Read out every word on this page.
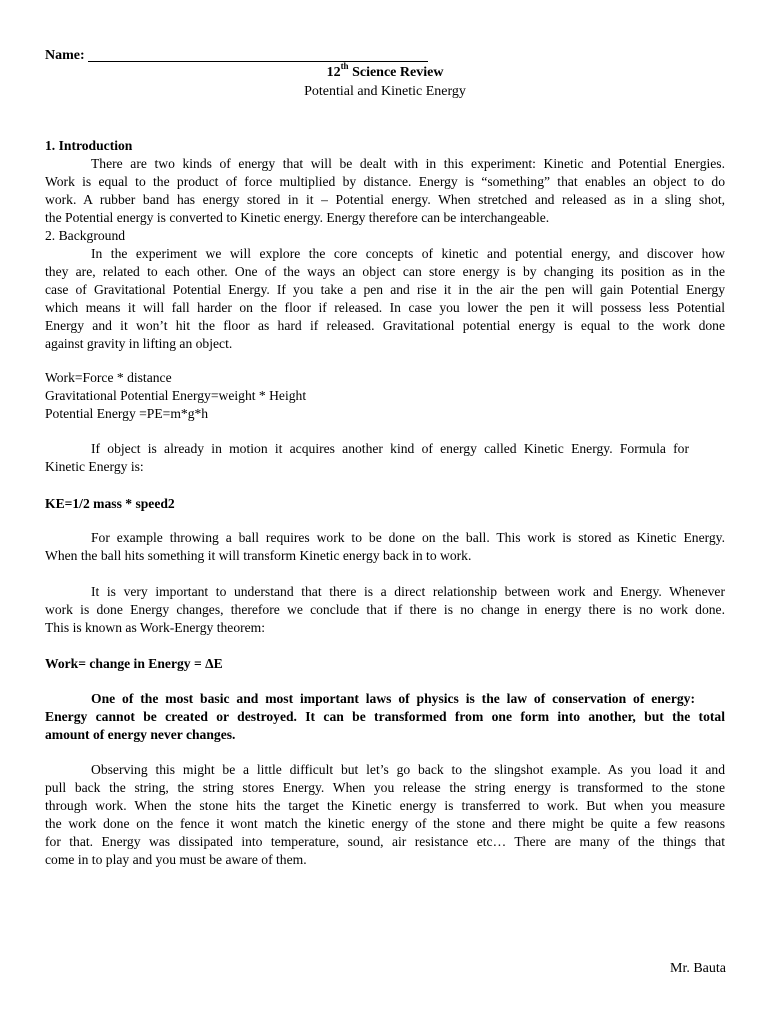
Name:
12th Science Review
Potential and Kinetic Energy
1. Introduction
There are two kinds of energy that will be dealt with in this experiment: Kinetic and Potential Energies.
Work is equal to the product of force multiplied by distance. Energy is “something” that enables an object to do
work. A rubber band has energy stored in it – Potential energy. When stretched and released as in a sling shot,
the Potential energy is converted to Kinetic energy. Energy therefore can be interchangeable.
2. Background
In the experiment we will explore the core concepts of kinetic and potential energy, and discover how
they are, related to each other. One of the ways an object can store energy is by changing its position as in the
case of Gravitational Potential Energy. If you take a pen and rise it in the air the pen will gain Potential Energy
which means it will fall harder on the floor if released. In case you lower the pen it will possess less Potential
Energy and it won’t hit the floor as hard if released. Gravitational potential energy is equal to the work done
against gravity in lifting an object.
Work=Force * distance
Gravitational Potential Energy=weight * Height
Potential Energy =PE=m*g*h
If object is already in motion it acquires another kind of energy called Kinetic Energy. Formula for
Kinetic Energy is:
KE=1/2 mass * speed2
For example throwing a ball requires work to be done on the ball. This work is stored as Kinetic Energy.
When the ball hits something it will transform Kinetic energy back in to work.
It is very important to understand that there is a direct relationship between work and Energy. Whenever
work is done Energy changes, therefore we conclude that if there is no change in energy there is no work done.
This is known as Work-Energy theorem:
Work= change in Energy = ΔE
One of the most basic and most important laws of physics is the law of conservation of energy:
Energy cannot be created or destroyed. It can be transformed from one form into another, but the total
amount of energy never changes.
Observing this might be a little difficult but let’s go back to the slingshot example. As you load it and
pull back the string, the string stores Energy. When you release the string energy is transformed to the stone
through work. When the stone hits the target the Kinetic energy is transferred to work. But when you measure
the work done on the fence it wont match the kinetic energy of the stone and there might be quite a few reasons
for that. Energy was dissipated into temperature, sound, air resistance etc… There are many of the things that
come in to play and you must be aware of them.
Mr. Bauta
